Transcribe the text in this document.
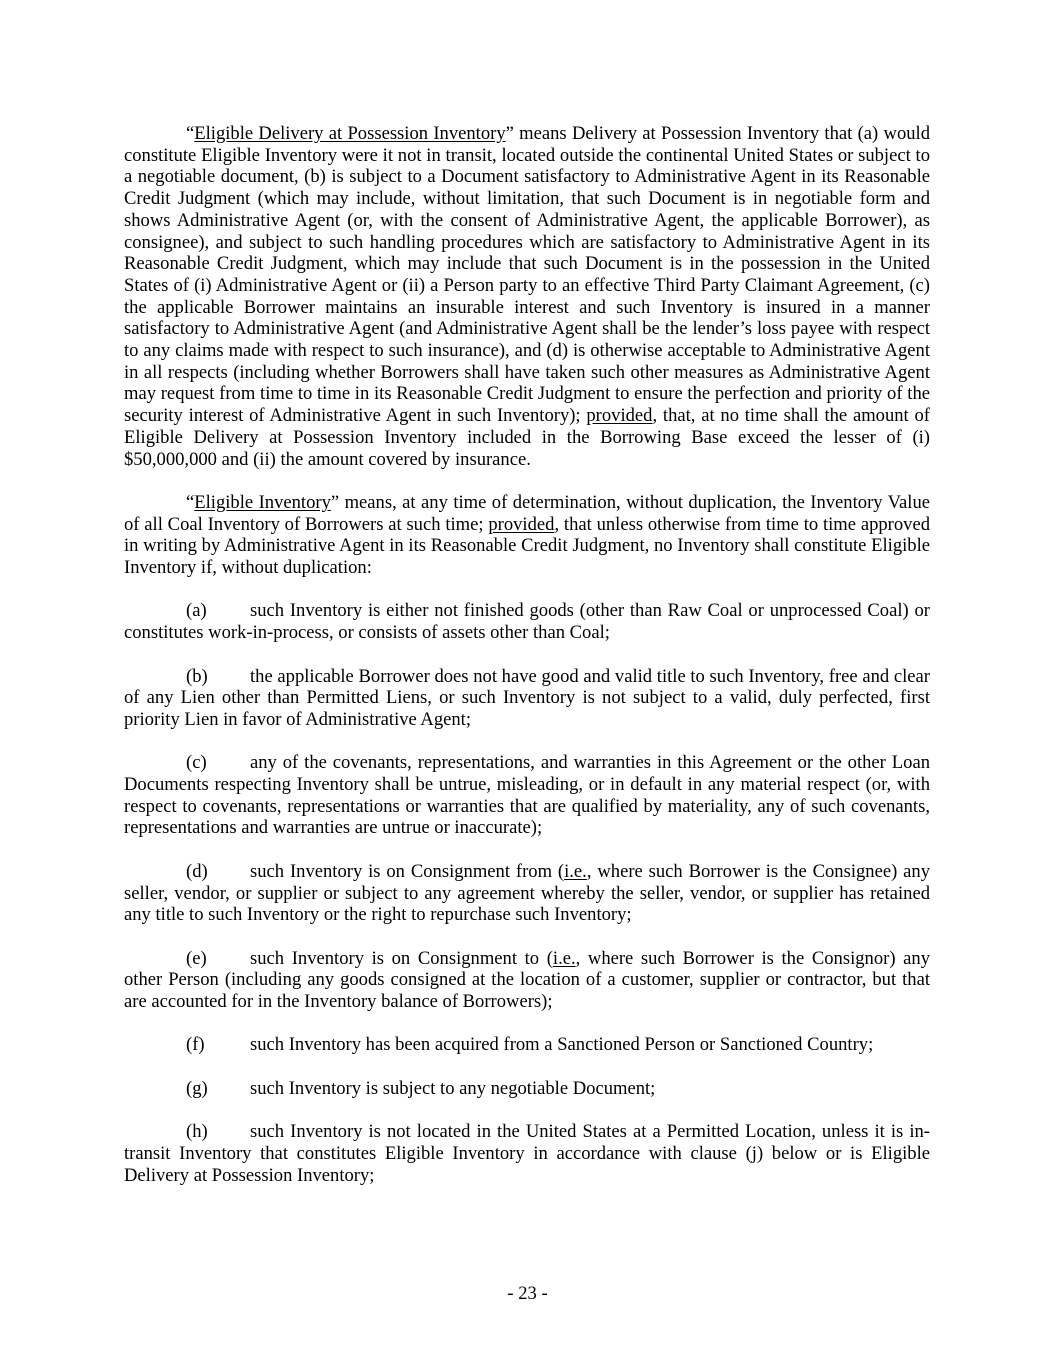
“Eligible Delivery at Possession Inventory” means Delivery at Possession Inventory that (a) would constitute Eligible Inventory were it not in transit, located outside the continental United States or subject to a negotiable document, (b) is subject to a Document satisfactory to Administrative Agent in its Reasonable Credit Judgment (which may include, without limitation, that such Document is in negotiable form and shows Administrative Agent (or, with the consent of Administrative Agent, the applicable Borrower), as consignee), and subject to such handling procedures which are satisfactory to Administrative Agent in its Reasonable Credit Judgment, which may include that such Document is in the possession in the United States of (i) Administrative Agent or (ii) a Person party to an effective Third Party Claimant Agreement, (c) the applicable Borrower maintains an insurable interest and such Inventory is insured in a manner satisfactory to Administrative Agent (and Administrative Agent shall be the lender’s loss payee with respect to any claims made with respect to such insurance), and (d) is otherwise acceptable to Administrative Agent in all respects (including whether Borrowers shall have taken such other measures as Administrative Agent may request from time to time in its Reasonable Credit Judgment to ensure the perfection and priority of the security interest of Administrative Agent in such Inventory); provided, that, at no time shall the amount of Eligible Delivery at Possession Inventory included in the Borrowing Base exceed the lesser of (i) $50,000,000 and (ii) the amount covered by insurance.

“Eligible Inventory” means, at any time of determination, without duplication, the Inventory Value of all Coal Inventory of Borrowers at such time; provided, that unless otherwise from time to time approved in writing by Administrative Agent in its Reasonable Credit Judgment, no Inventory shall constitute Eligible Inventory if, without duplication:

(a) such Inventory is either not finished goods (other than Raw Coal or unprocessed Coal) or constitutes work-in-process, or consists of assets other than Coal;

(b) the applicable Borrower does not have good and valid title to such Inventory, free and clear of any Lien other than Permitted Liens, or such Inventory is not subject to a valid, duly perfected, first priority Lien in favor of Administrative Agent;

(c) any of the covenants, representations, and warranties in this Agreement or the other Loan Documents respecting Inventory shall be untrue, misleading, or in default in any material respect (or, with respect to covenants, representations or warranties that are qualified by materiality, any of such covenants, representations and warranties are untrue or inaccurate);

(d) such Inventory is on Consignment from (i.e., where such Borrower is the Consignee) any seller, vendor, or supplier or subject to any agreement whereby the seller, vendor, or supplier has retained any title to such Inventory or the right to repurchase such Inventory;

(e) such Inventory is on Consignment to (i.e., where such Borrower is the Consignor) any other Person (including any goods consigned at the location of a customer, supplier or contractor, but that are accounted for in the Inventory balance of Borrowers);

(f) such Inventory has been acquired from a Sanctioned Person or Sanctioned Country;

(g) such Inventory is subject to any negotiable Document;

(h) such Inventory is not located in the United States at a Permitted Location, unless it is in-transit Inventory that constitutes Eligible Inventory in accordance with clause (j) below or is Eligible Delivery at Possession Inventory;

- 23 -
